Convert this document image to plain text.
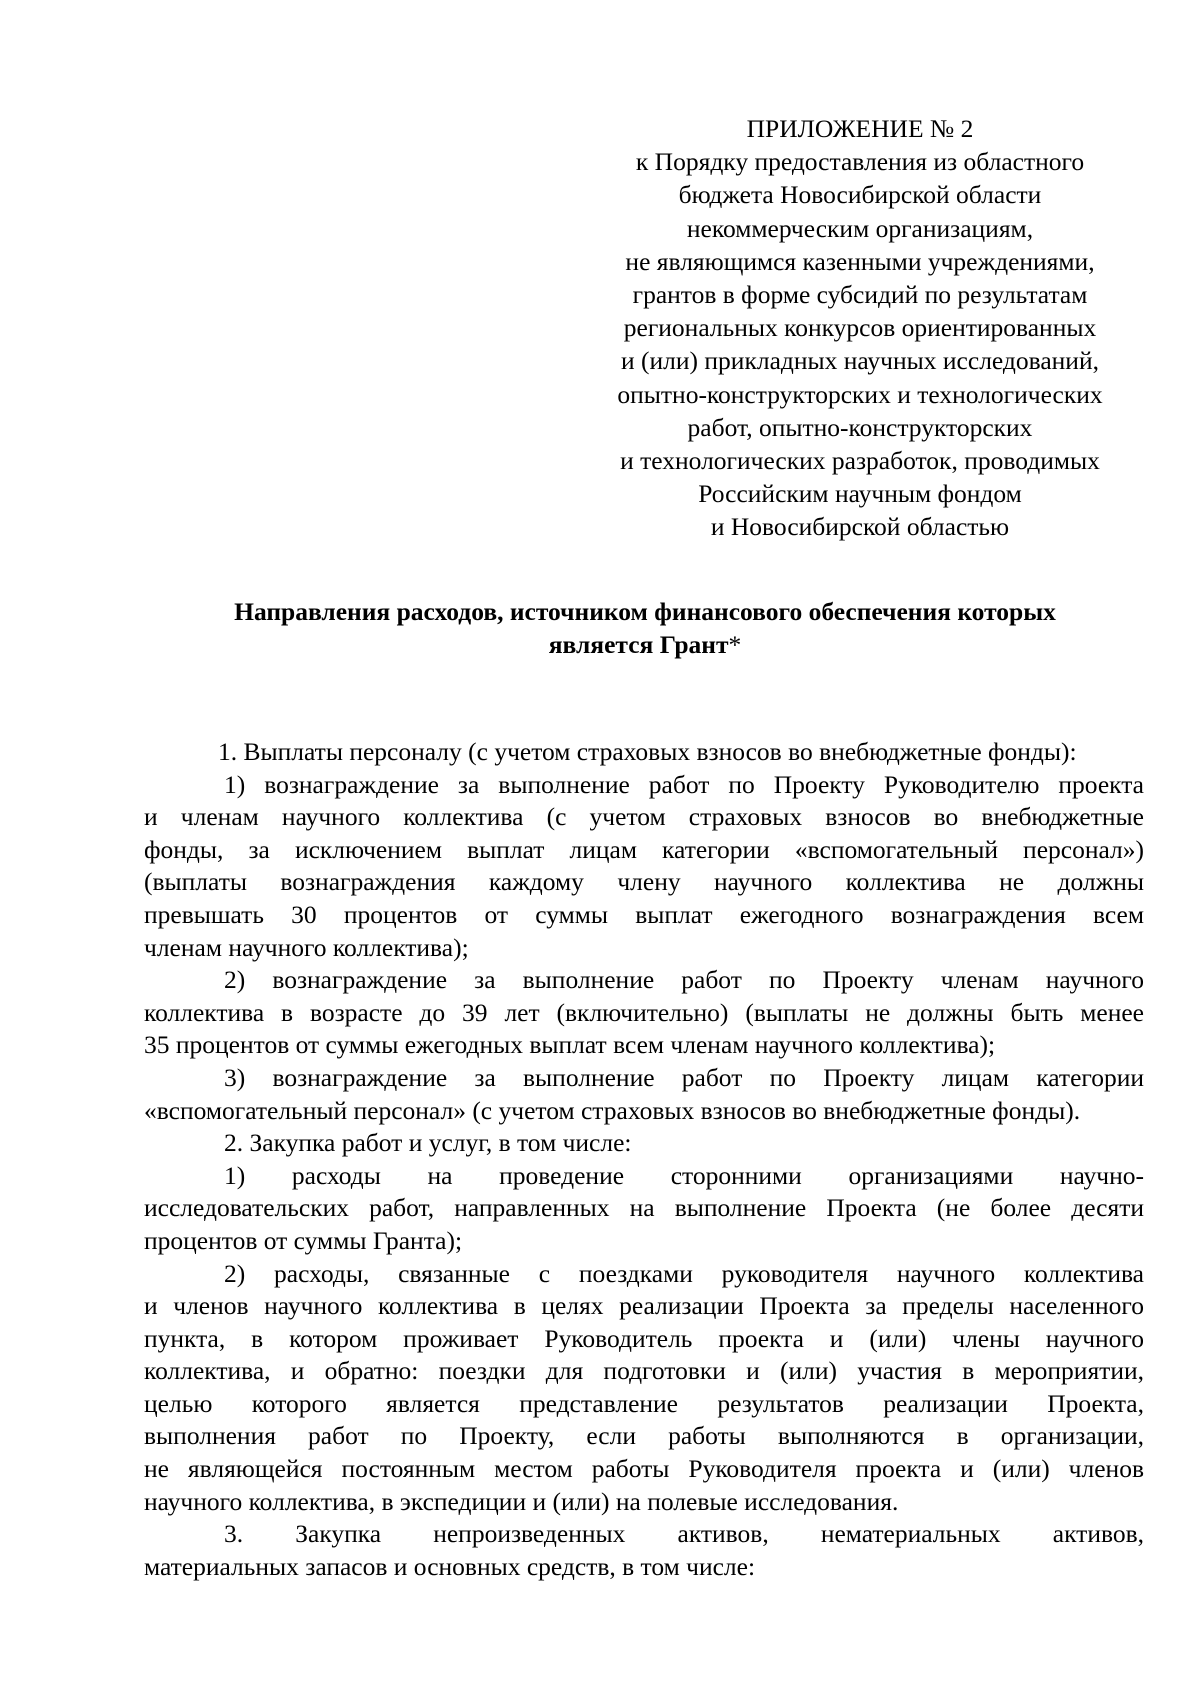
ПРИЛОЖЕНИЕ № 2
к Порядку предоставления из областного
бюджета Новосибирской области
некоммерческим организациям,
не являющимся казенными учреждениями,
грантов в форме субсидий по результатам
региональных конкурсов ориентированных
и (или) прикладных научных исследований,
опытно-конструкторских и технологических
работ, опытно-конструкторских
и технологических разработок, проводимых
Российским научным фондом
и Новосибирской областью
Направления расходов, источником финансового обеспечения которых
является Грант*
1. Выплаты персоналу (с учетом страховых взносов во внебюджетные фонды):
1) вознаграждение за выполнение работ по Проекту Руководителю проекта
и членам научного коллектива (с учетом страховых взносов во внебюджетные
фонды, за исключением выплат лицам категории «вспомогательный персонал»)
(выплаты вознаграждения каждому члену научного коллектива не должны
превышать 30 процентов от суммы выплат ежегодного вознаграждения всем
членам научного коллектива);
2) вознаграждение за выполнение работ по Проекту членам научного
коллектива в возрасте до 39 лет (включительно) (выплаты не должны быть менее
35 процентов от суммы ежегодных выплат всем членам научного коллектива);
3) вознаграждение за выполнение работ по Проекту лицам категории
«вспомогательный персонал» (с учетом страховых взносов во внебюджетные фонды).
2. Закупка работ и услуг, в том числе:
1) расходы на проведение сторонними организациями научно-
исследовательских работ, направленных на выполнение Проекта (не более десяти
процентов от суммы Гранта);
2) расходы, связанные с поездками руководителя научного коллектива
и членов научного коллектива в целях реализации Проекта за пределы населенного
пункта, в котором проживает Руководитель проекта и (или) члены научного
коллектива, и обратно: поездки для подготовки и (или) участия в мероприятии,
целью которого является представление результатов реализации Проекта,
выполнения работ по Проекту, если работы выполняются в организации,
не являющейся постоянным местом работы Руководителя проекта и (или) членов
научного коллектива, в экспедиции и (или) на полевые исследования.
3. Закупка непроизведенных активов, нематериальных активов,
материальных запасов и основных средств, в том числе:
